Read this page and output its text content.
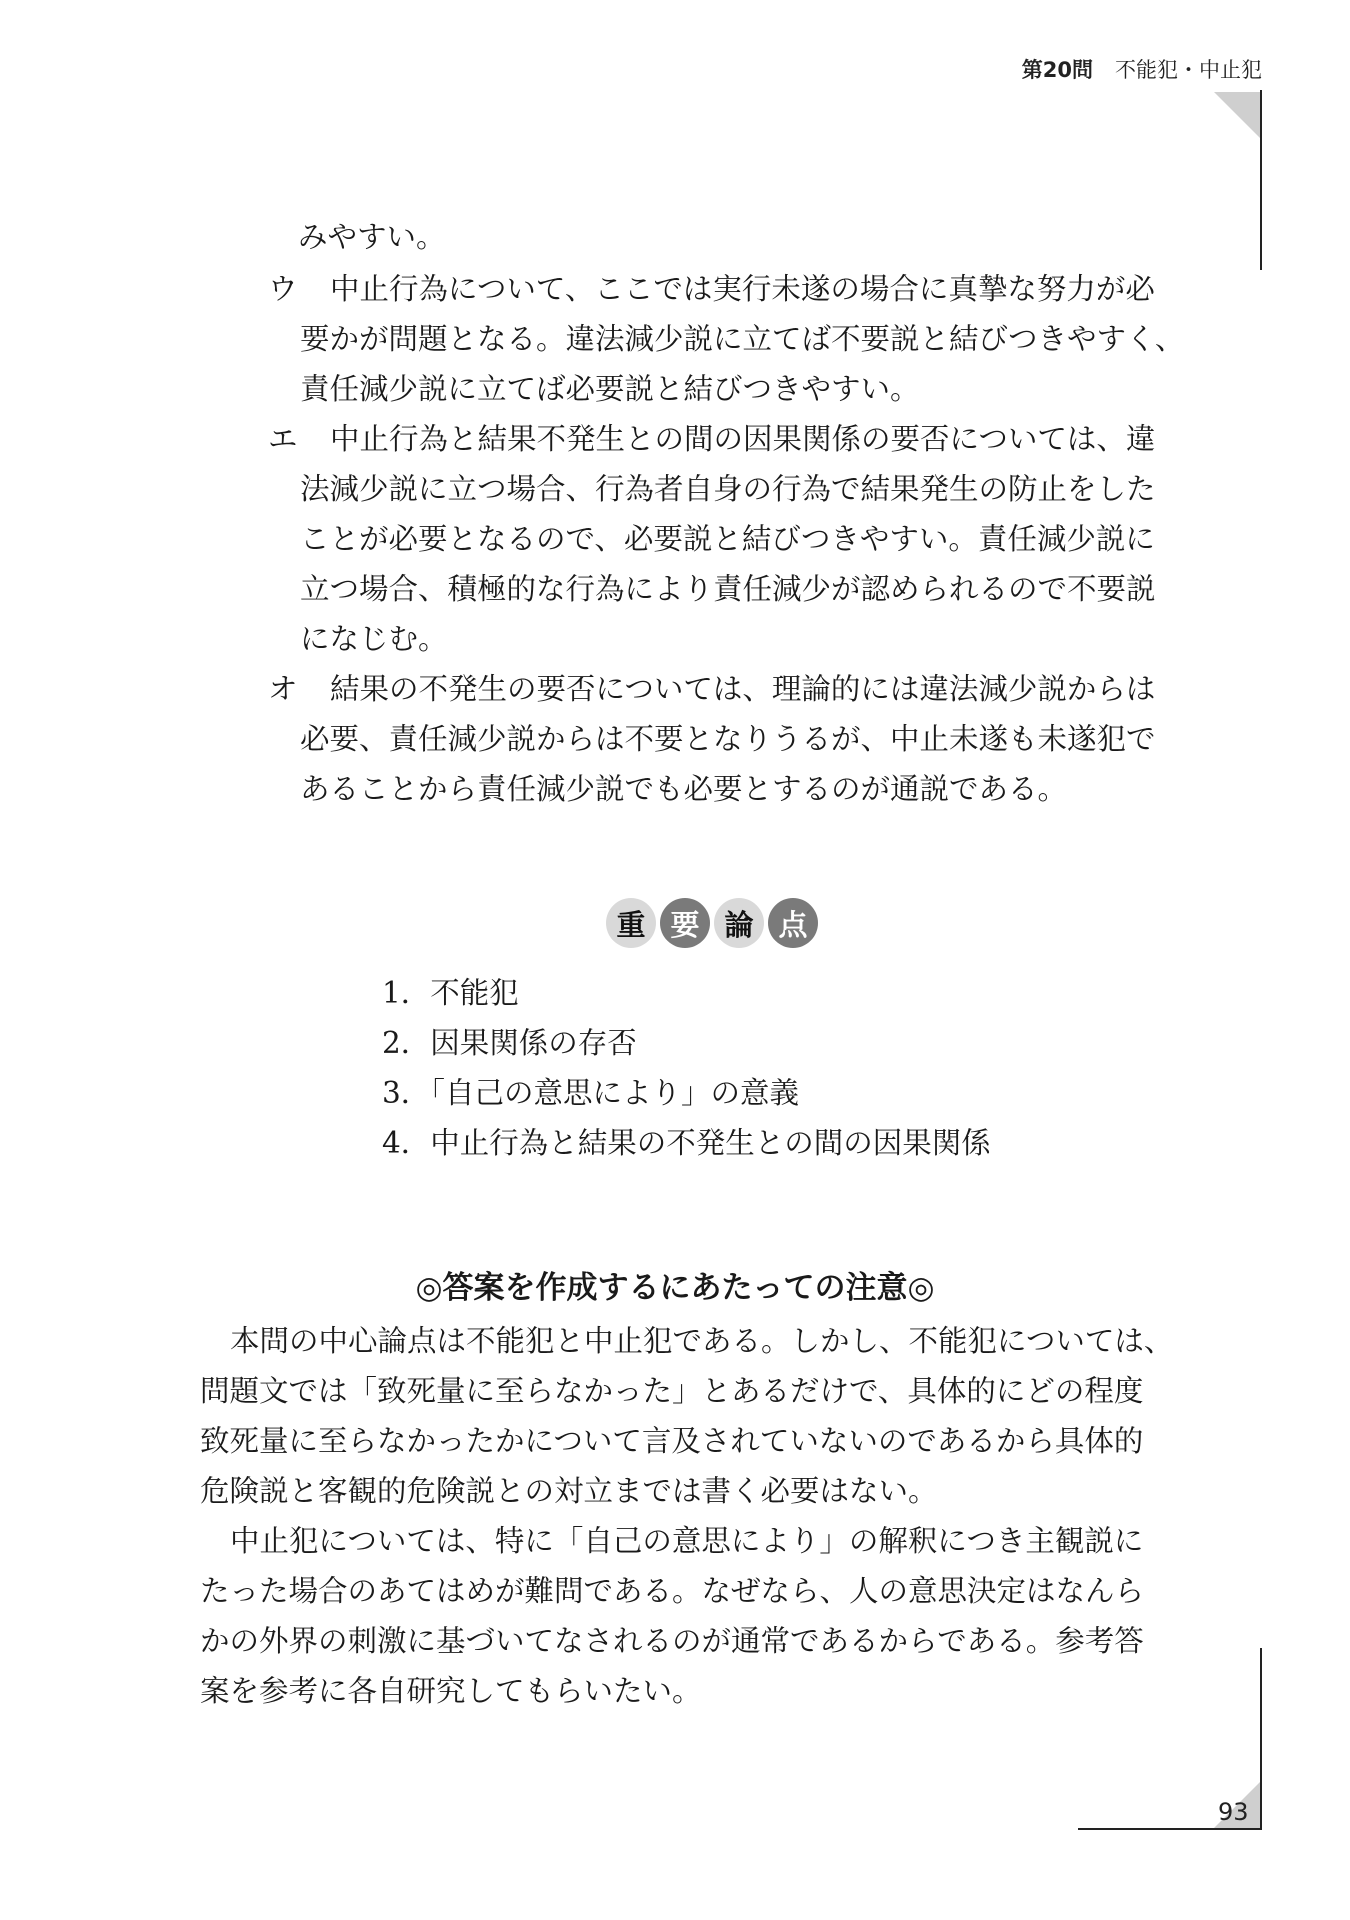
第20問 不能犯・中止犯
みやすい。
ウ 中止行為について、ここでは実行未遂の場合に真摯な努力が必
要かが問題となる。違法減少説に立てば不要説と結びつきやすく、
責任減少説に立てば必要説と結びつきやすい。
エ 中止行為と結果不発生との間の因果関係の要否については、違
法減少説に立つ場合、行為者自身の行為で結果発生の防止をした
ことが必要となるので、必要説と結びつきやすい。責任減少説に
立つ場合、積極的な行為により責任減少が認められるので不要説
になじむ。
オ 結果の不発生の要否については、理論的には違法減少説からは
必要、責任減少説からは不要となりうるが、中止未遂も未遂犯で
あることから責任減少説でも必要とするのが通説である。
重 要 論 点
1．不能犯
2．因果関係の存否
3．「自己の意思により」の意義
4．中止行為と結果の不発生との間の因果関係
◎答案を作成するにあたっての注意◎
本問の中心論点は不能犯と中止犯である。しかし、不能犯については、
問題文では「致死量に至らなかった」とあるだけで、具体的にどの程度
致死量に至らなかったかについて言及されていないのであるから具体的
危険説と客観的危険説との対立までは書く必要はない。
中止犯については、特に「自己の意思により」の解釈につき主観説に
たった場合のあてはめが難問である。なぜなら、人の意思決定はなんら
かの外界の刺激に基づいてなされるのが通常であるからである。参考答
案を参考に各自研究してもらいたい。
93
